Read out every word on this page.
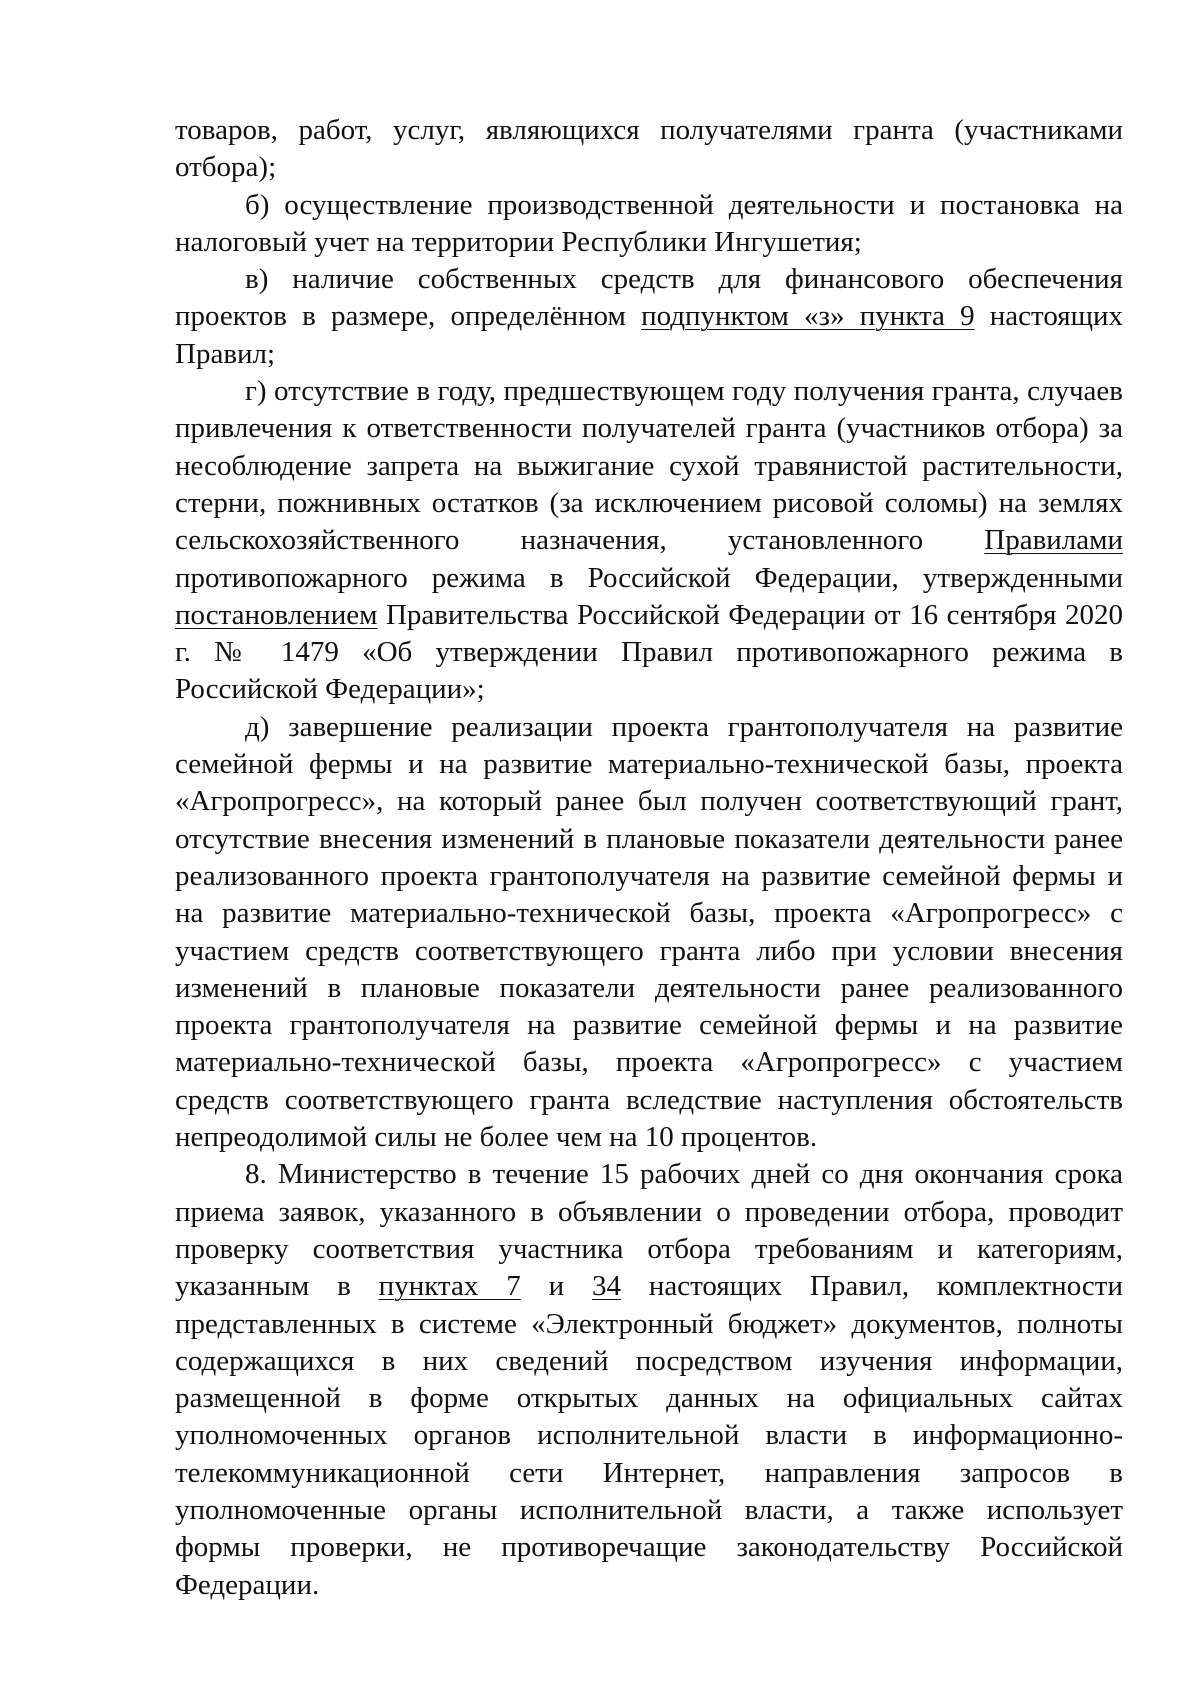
товаров, работ, услуг, являющихся получателями гранта (участниками отбора);

б) осуществление производственной деятельности и постановка на налоговый учет на территории Республики Ингушетия;

в) наличие собственных средств для финансового обеспечения проектов в размере, определённом подпунктом «з» пункта 9 настоящих Правил;

г) отсутствие в году, предшествующем году получения гранта, случаев привлечения к ответственности получателей гранта (участников отбора) за несоблюдение запрета на выжигание сухой травянистой растительности, стерни, пожнивных остатков (за исключением рисовой соломы) на землях сельскохозяйственного назначения, установленного Правилами противопожарного режима в Российской Федерации, утвержденными постановлением Правительства Российской Федерации от 16 сентября 2020 г. № 1479 «Об утверждении Правил противопожарного режима в Российской Федерации»;

д) завершение реализации проекта грантополучателя на развитие семейной фермы и на развитие материально-технической базы, проекта «Агропрогресс», на который ранее был получен соответствующий грант, отсутствие внесения изменений в плановые показатели деятельности ранее реализованного проекта грантополучателя на развитие семейной фермы и на развитие материально-технической базы, проекта «Агропрогресс» с участием средств соответствующего гранта либо при условии внесения изменений в плановые показатели деятельности ранее реализованного проекта грантополучателя на развитие семейной фермы и на развитие материально-технической базы, проекта «Агропрогресс» с участием средств соответствующего гранта вследствие наступления обстоятельств непреодолимой силы не более чем на 10 процентов.

8. Министерство в течение 15 рабочих дней со дня окончания срока приема заявок, указанного в объявлении о проведении отбора, проводит проверку соответствия участника отбора требованиям и категориям, указанным в пунктах 7 и 34 настоящих Правил, комплектности представленных в системе «Электронный бюджет» документов, полноты содержащихся в них сведений посредством изучения информации, размещенной в форме открытых данных на официальных сайтах уполномоченных органов исполнительной власти в информационно-телекоммуникационной сети Интернет, направления запросов в уполномоченные органы исполнительной власти, а также использует формы проверки, не противоречащие законодательству Российской Федерации.
